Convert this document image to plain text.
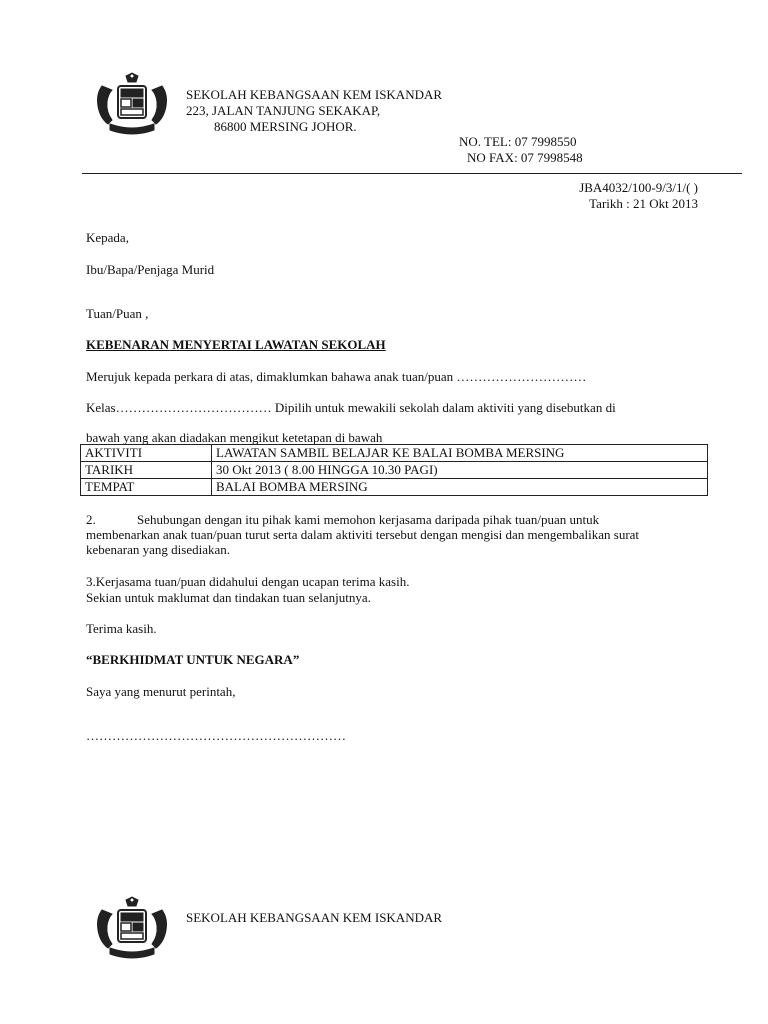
SEKOLAH KEBANGSAAN KEM ISKANDAR
223, JALAN TANJUNG SEKAKAP,
86800 MERSING JOHOR.
NO. TEL: 07 7998550
NO FAX: 07 7998548
JBA4032/100-9/3/1/( )
Tarikh : 21 Okt 2013
Kepada,
Ibu/Bapa/Penjaga Murid
Tuan/Puan ,
KEBENARAN MENYERTAI LAWATAN SEKOLAH
Merujuk kepada perkara di atas, dimaklumkan bahawa anak tuan/puan …………………………
Kelas……………………………… Dipilih untuk mewakili sekolah dalam aktiviti yang disebutkan di
bawah yang akan diadakan mengikut ketetapan di bawah
AKTIVITI	LAWATAN SAMBIL BELAJAR KE BALAI BOMBA MERSING
TARIKH	30 Okt 2013 ( 8.00 HINGGA 10.30 PAGI)
TEMPAT	BALAI BOMBA MERSING
2.	Sehubungan dengan itu pihak kami memohon kerjasama daripada pihak tuan/puan untuk
membenarkan anak tuan/puan turut serta dalam aktiviti tersebut dengan mengisi dan mengembalikan surat
kebenaran yang disediakan.
3.Kerjasama tuan/puan didahului dengan ucapan terima kasih.
Sekian untuk maklumat dan tindakan tuan selanjutnya.
Terima kasih.
“BERKHIDMAT UNTUK NEGARA”
Saya yang menurut perintah,
……………………………………………………
SEKOLAH KEBANGSAAN KEM ISKANDAR
